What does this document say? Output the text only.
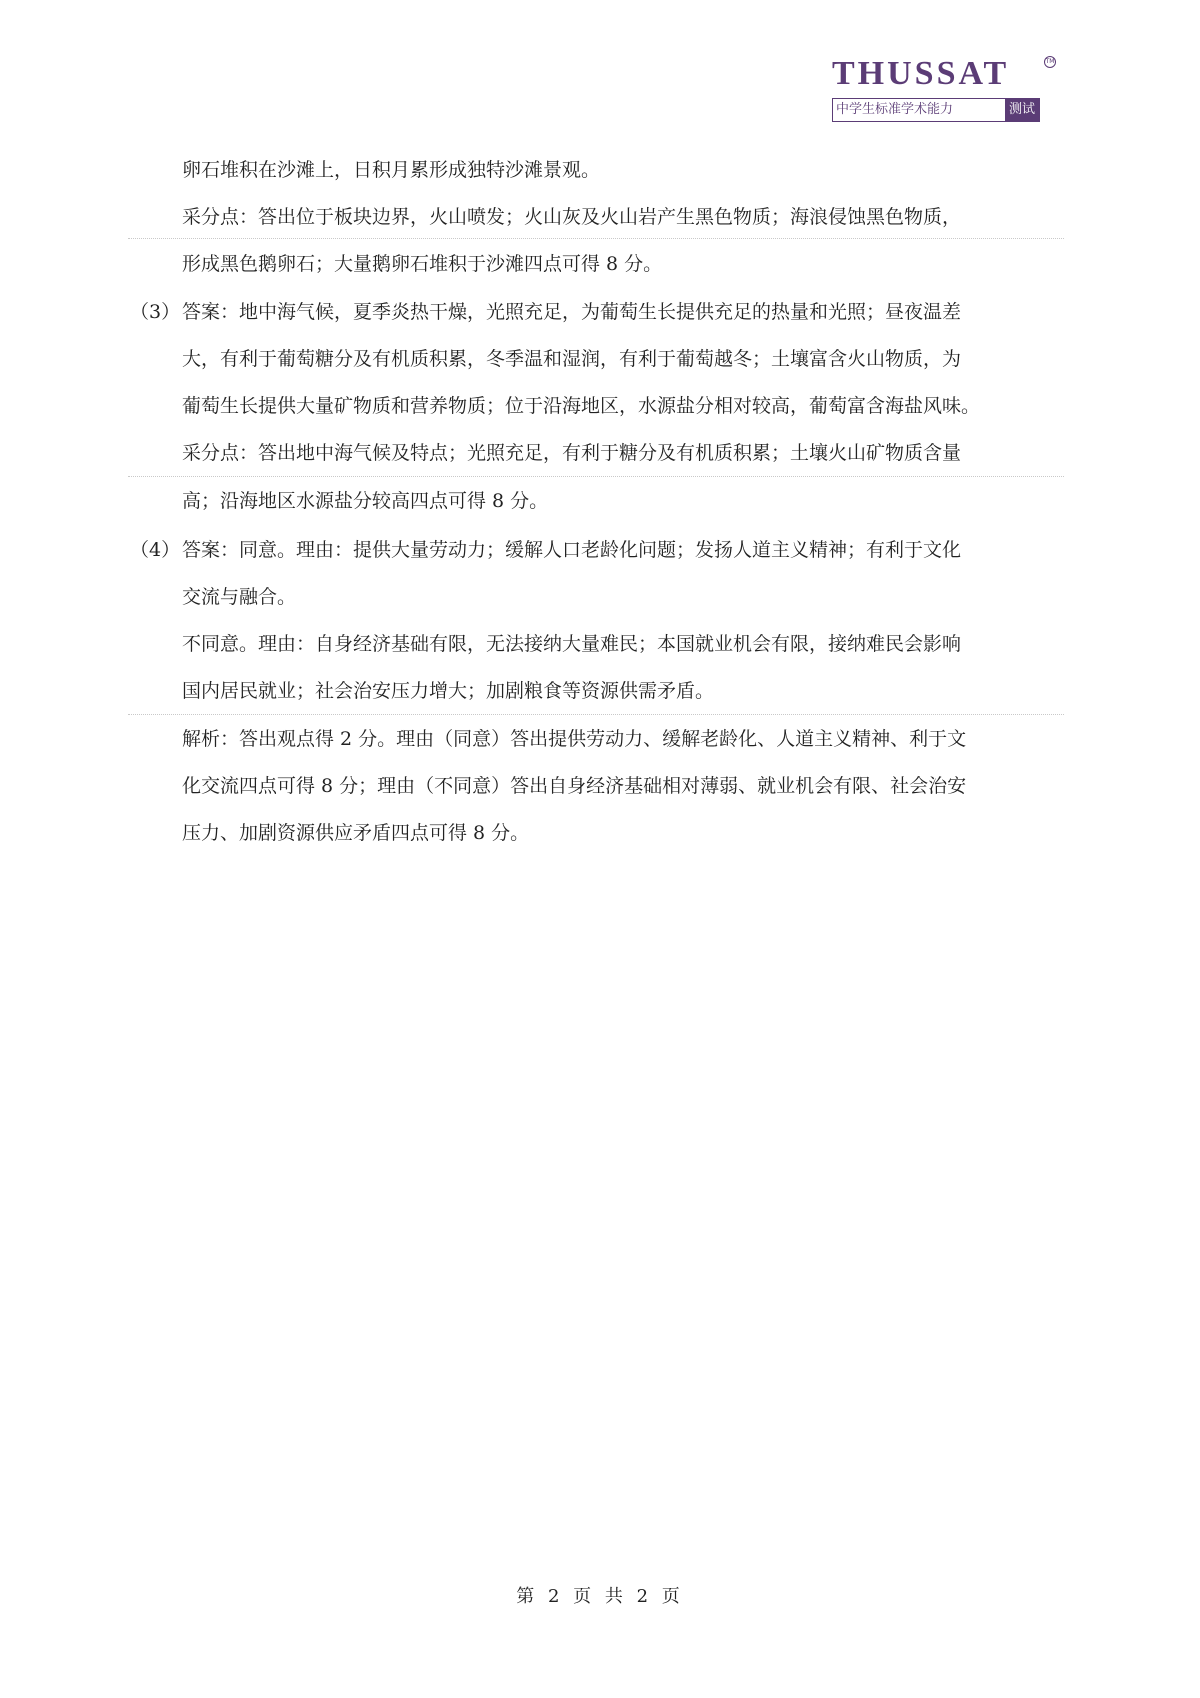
THUSSAT	TM
中学生标准学术能力	测试
卵石堆积在沙滩上，日积月累形成独特沙滩景观。
采分点：答出位于板块边界，火山喷发；火山灰及火山岩产生黑色物质；海浪侵蚀黑色物质，
形成黑色鹅卵石；大量鹅卵石堆积于沙滩四点可得 8 分。
（3） 答案：地中海气候，夏季炎热干燥，光照充足，为葡萄生长提供充足的热量和光照；昼夜温差
大，有利于葡萄糖分及有机质积累，冬季温和湿润，有利于葡萄越冬；土壤富含火山物质，为
葡萄生长提供大量矿物质和营养物质；位于沿海地区，水源盐分相对较高，葡萄富含海盐风味。
采分点：答出地中海气候及特点；光照充足，有利于糖分及有机质积累；土壤火山矿物质含量
高；沿海地区水源盐分较高四点可得 8 分。
（4） 答案：同意。理由：提供大量劳动力；缓解人口老龄化问题；发扬人道主义精神；有利于文化
交流与融合。
不同意。理由：自身经济基础有限，无法接纳大量难民；本国就业机会有限，接纳难民会影响
国内居民就业；社会治安压力增大；加剧粮食等资源供需矛盾。
解析：答出观点得 2 分。理由（同意）答出提供劳动力、缓解老龄化、人道主义精神、利于文
化交流四点可得 8 分；理由（不同意）答出自身经济基础相对薄弱、就业机会有限、社会治安
压力、加剧资源供应矛盾四点可得 8 分。
第 2 页 共 2 页
